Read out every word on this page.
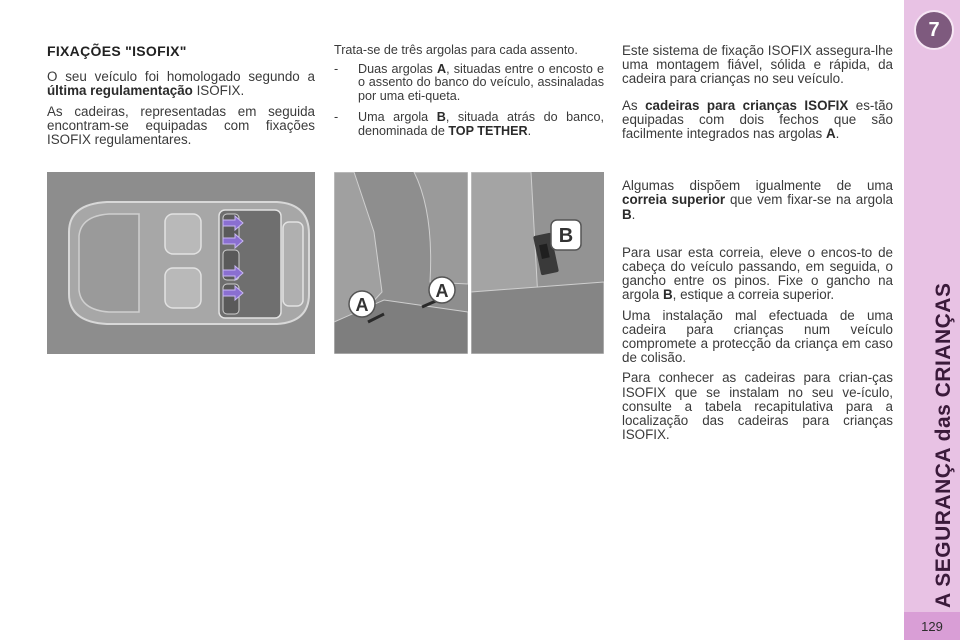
FIXAÇÕES "ISOFIX"

O seu veículo foi homologado segundo a última regulamentação ISOFIX.

As cadeiras, representadas em seguida encontram-se equipadas com fixações ISOFIX regulamentares.

Trata-se de três argolas para cada assento.

-	Duas argolas A, situadas entre o encosto e o assento do banco do veículo, assinaladas por uma eti-queta.
-	Uma argola B, situada atrás do banco, denominada de TOP TETHER.

Este sistema de fixação ISOFIX assegura-lhe uma montagem fiável, sólida e rápida, da cadeira para crianças no seu veículo.

As cadeiras para crianças ISOFIX es-tão equipadas com dois fechos que são facilmente integrados nas argolas A.

Algumas dispõem igualmente de uma correia superior que vem fixar-se na argola B.

Para usar esta correia, eleve o encos-to de cabeça do veículo passando, em seguida, o gancho entre os pinos. Fixe o gancho na argola B, estique a correia superior.

Uma instalação mal efectuada de uma cadeira para crianças num veículo compromete a protecção da criança em caso de colisão.

Para conhecer as cadeiras para crian-ças ISOFIX que se instalam no seu ve-ículo, consulte a tabela recapitulativa para a localização das cadeiras para crianças ISOFIX.

A
A
B
7
A SEGURANÇA das CRIANÇAS
129
